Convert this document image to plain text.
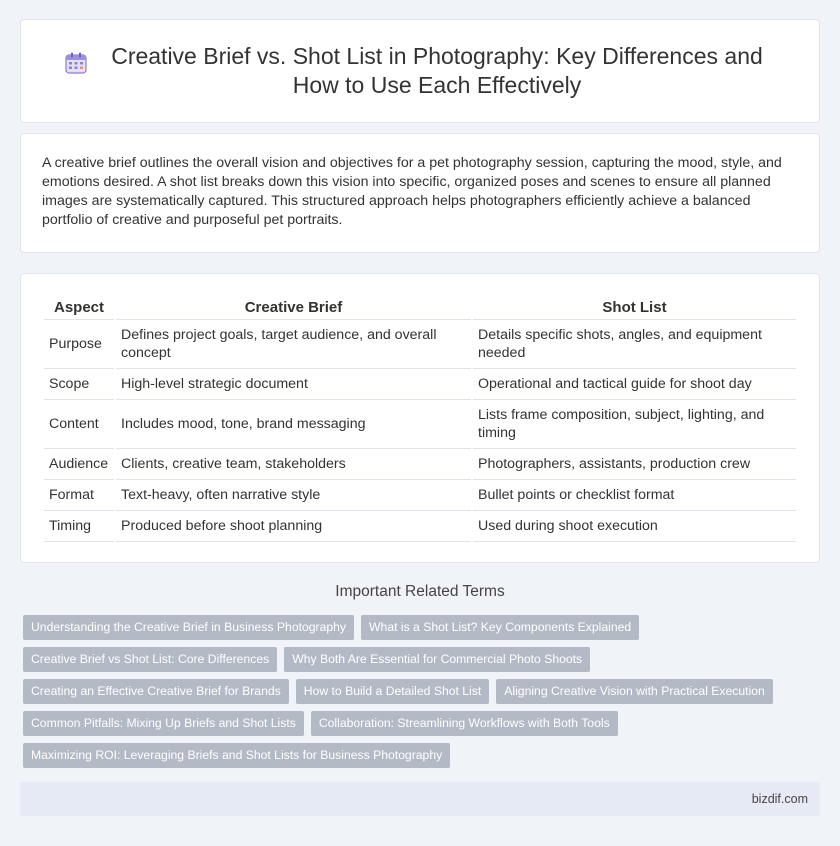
Creative Brief vs. Shot List in Photography: Key Differences and How to Use Each Effectively

A creative brief outlines the overall vision and objectives for a pet photography session, capturing the mood, style, and emotions desired. A shot list breaks down this vision into specific, organized poses and scenes to ensure all planned images are systematically captured. This structured approach helps photographers efficiently achieve a balanced portfolio of creative and purposeful pet portraits.

Aspect	Creative Brief	Shot List
Purpose	Defines project goals, target audience, and overall concept	Details specific shots, angles, and equipment needed
Scope	High-level strategic document	Operational and tactical guide for shoot day
Content	Includes mood, tone, brand messaging	Lists frame composition, subject, lighting, and timing
Audience	Clients, creative team, stakeholders	Photographers, assistants, production crew
Format	Text-heavy, often narrative style	Bullet points or checklist format
Timing	Produced before shoot planning	Used during shoot execution
Important Related Terms
Understanding the Creative Brief in Business Photography	What is a Shot List? Key Components Explained
Creative Brief vs Shot List: Core Differences	Why Both Are Essential for Commercial Photo Shoots
Creating an Effective Creative Brief for Brands	How to Build a Detailed Shot List	Aligning Creative Vision with Practical Execution
Common Pitfalls: Mixing Up Briefs and Shot Lists	Collaboration: Streamlining Workflows with Both Tools
Maximizing ROI: Leveraging Briefs and Shot Lists for Business Photography
bizdif.com
